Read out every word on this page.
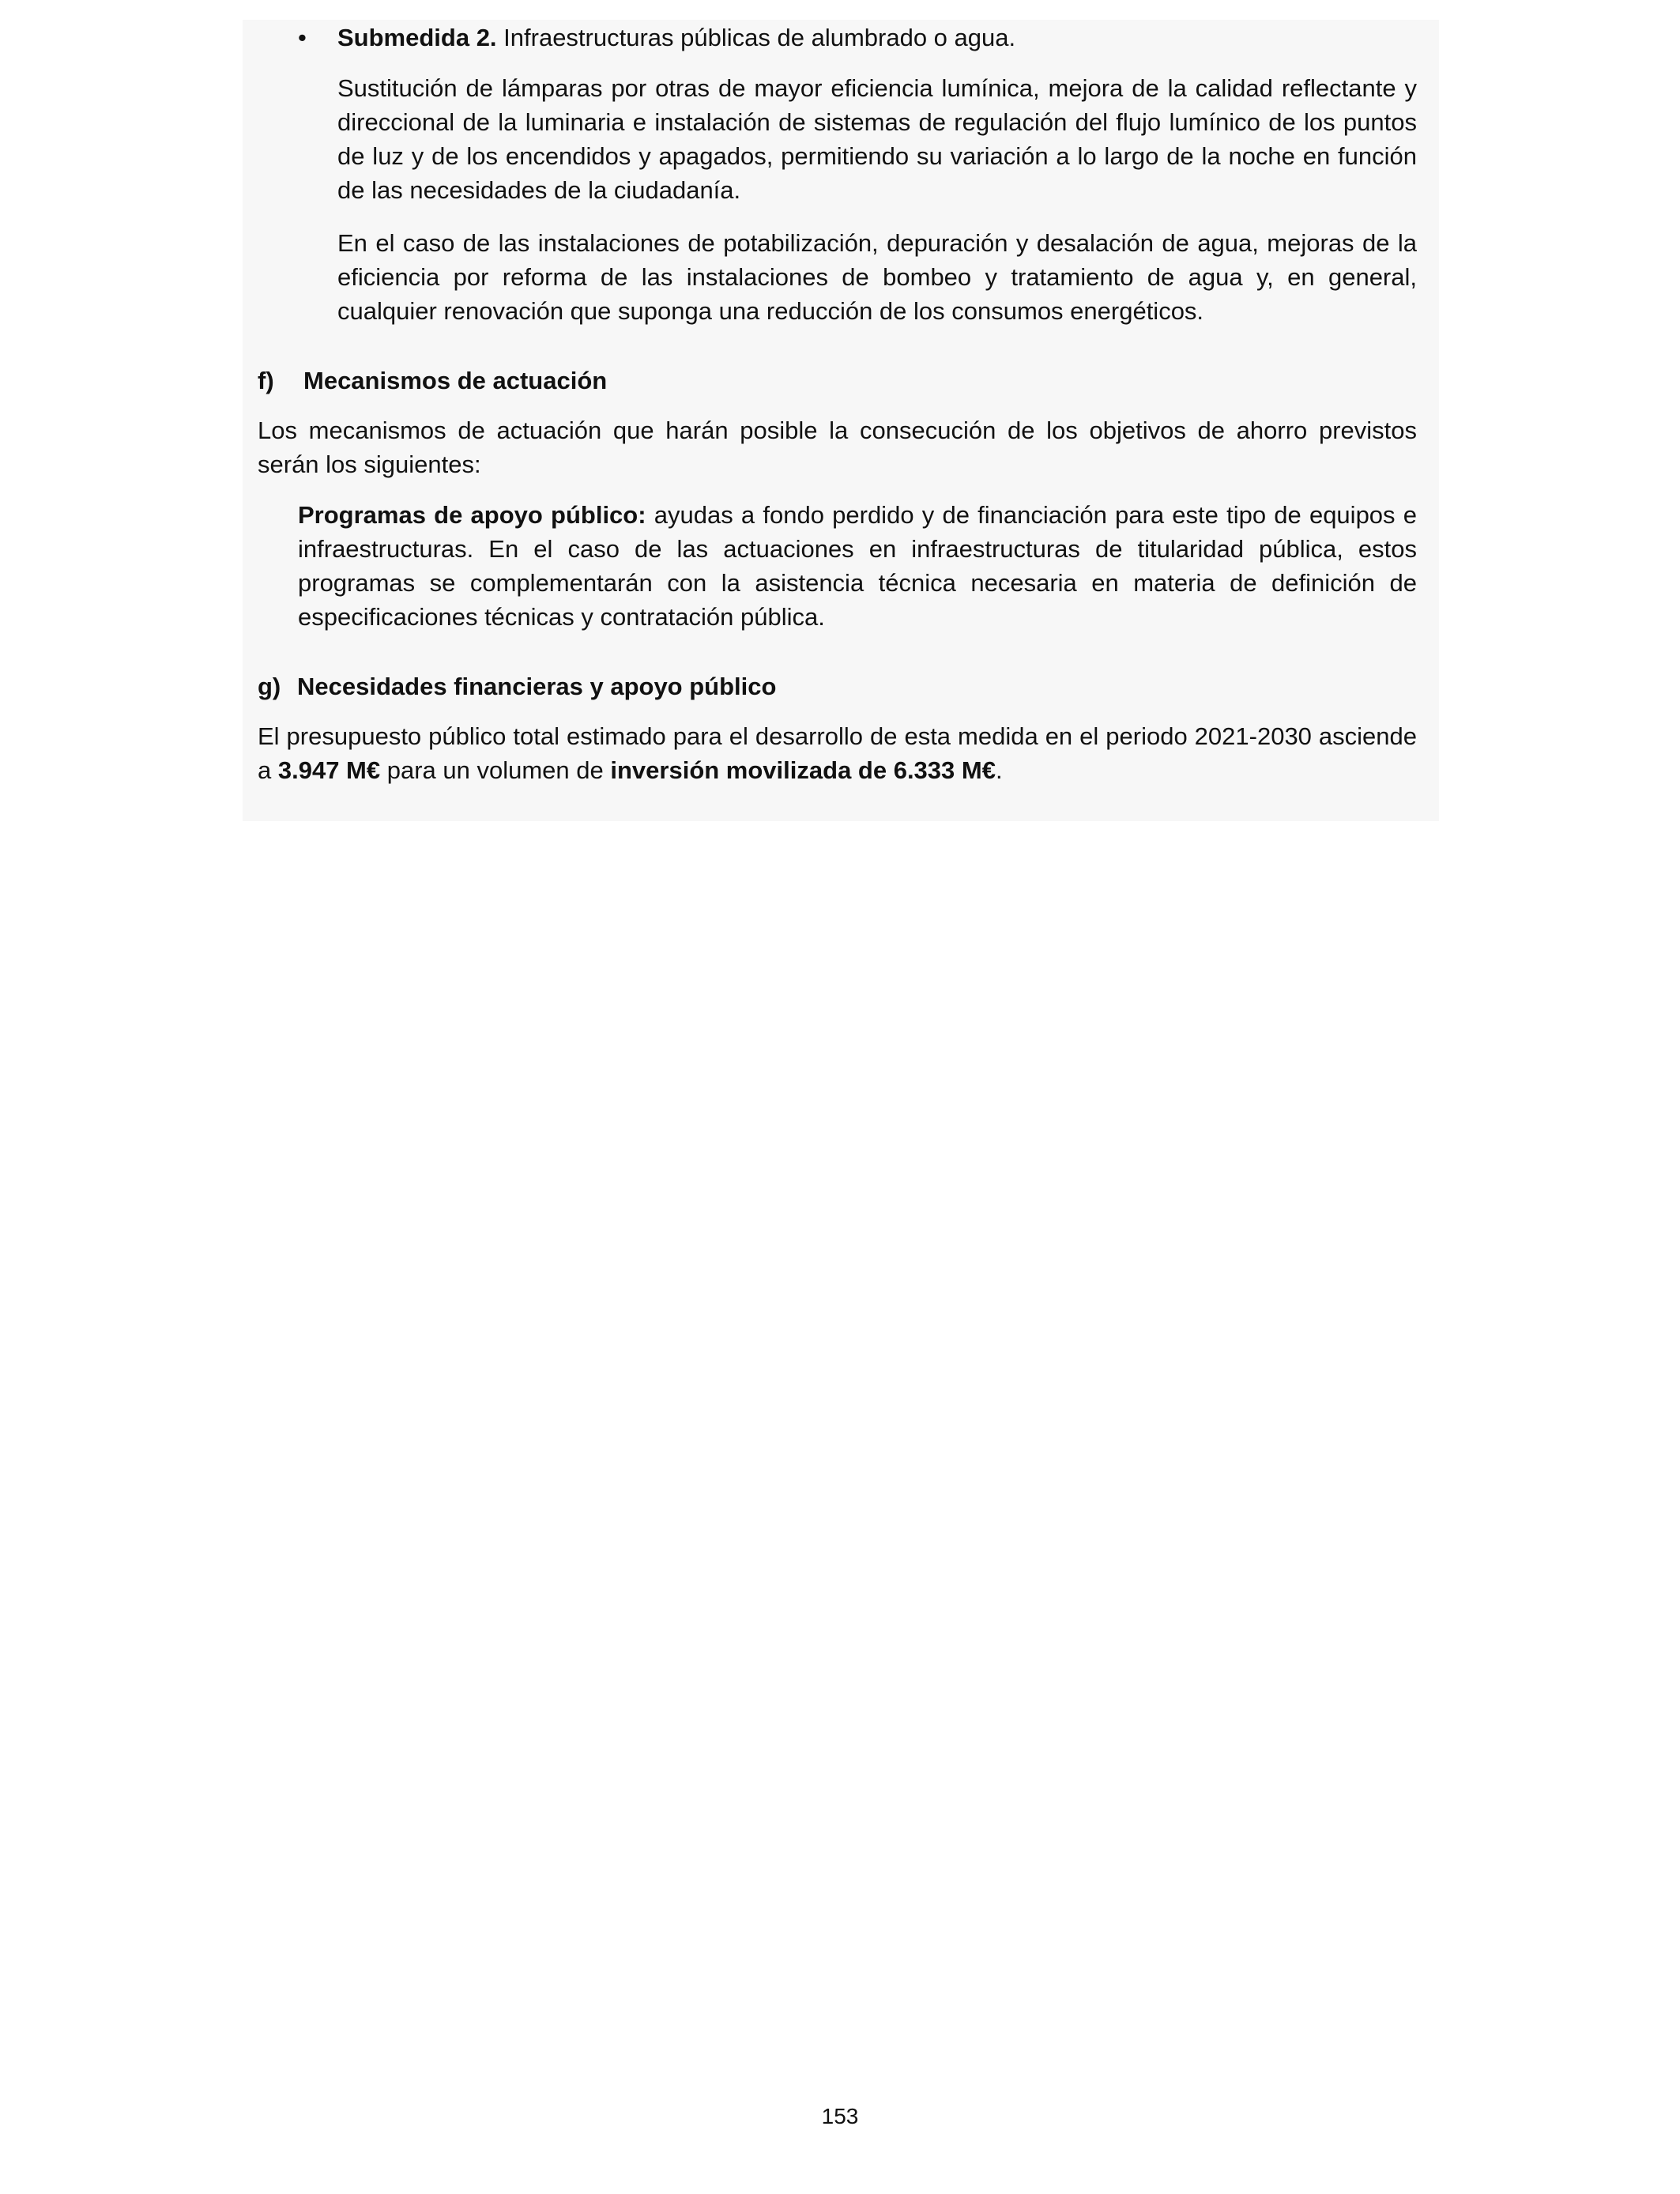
• Submedida 2. Infraestructuras públicas de alumbrado o agua.

Sustitución de lámparas por otras de mayor eficiencia lumínica, mejora de la calidad reflectante y direccional de la luminaria e instalación de sistemas de regulación del flujo lumínico de los puntos de luz y de los encendidos y apagados, permitiendo su variación a lo largo de la noche en función de las necesidades de la ciudadanía.

En el caso de las instalaciones de potabilización, depuración y desalación de agua, mejoras de la eficiencia por reforma de las instalaciones de bombeo y tratamiento de agua y, en general, cualquier renovación que suponga una reducción de los consumos energéticos.

f) Mecanismos de actuación

Los mecanismos de actuación que harán posible la consecución de los objetivos de ahorro previstos serán los siguientes:

Programas de apoyo público: ayudas a fondo perdido y de financiación para este tipo de equipos e infraestructuras. En el caso de las actuaciones en infraestructuras de titularidad pública, estos programas se complementarán con la asistencia técnica necesaria en materia de definición de especificaciones técnicas y contratación pública.

g) Necesidades financieras y apoyo público

El presupuesto público total estimado para el desarrollo de esta medida en el periodo 2021-2030 asciende a 3.947 M€ para un volumen de inversión movilizada de 6.333 M€.

153
